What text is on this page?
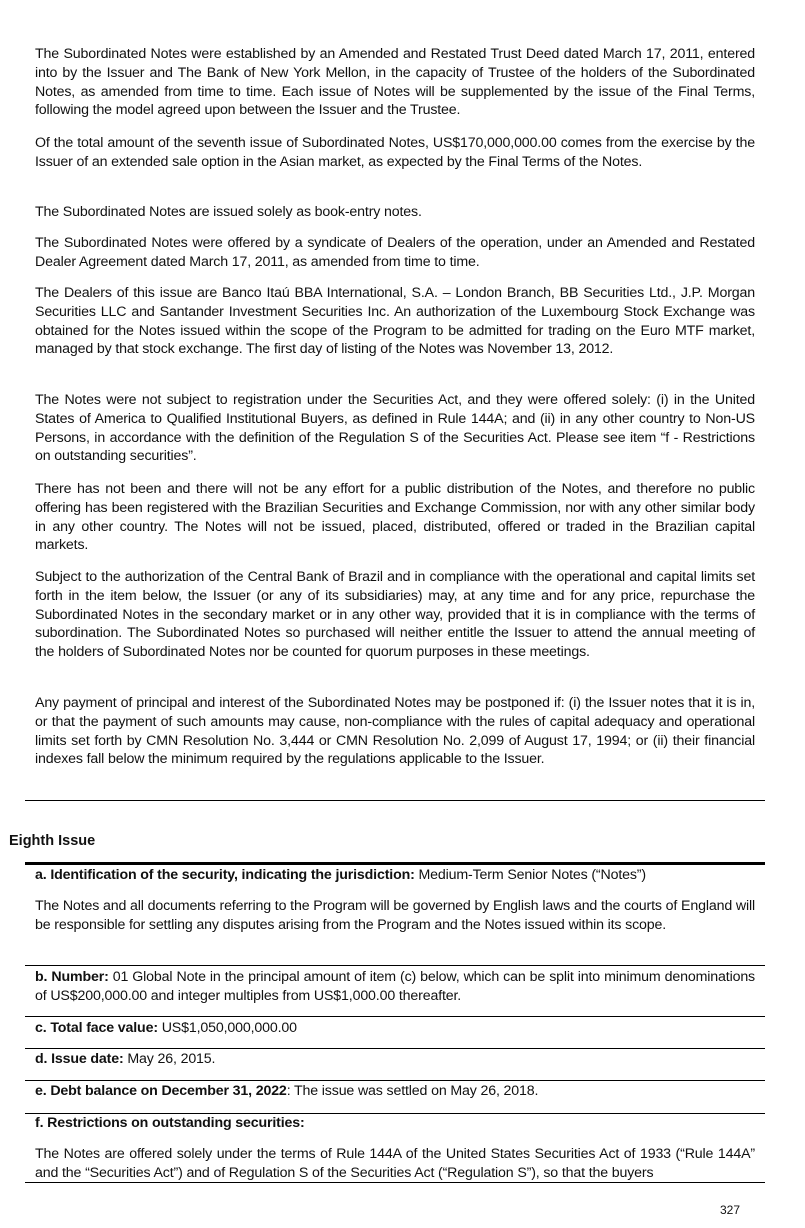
The Subordinated Notes were established by an Amended and Restated Trust Deed dated March 17, 2011, entered into by the Issuer and The Bank of New York Mellon, in the capacity of Trustee of the holders of the Subordinated Notes, as amended from time to time. Each issue of Notes will be supplemented by the issue of the Final Terms, following the model agreed upon between the Issuer and the Trustee.

Of the total amount of the seventh issue of Subordinated Notes, US$170,000,000.00 comes from the exercise by the Issuer of an extended sale option in the Asian market, as expected by the Final Terms of the Notes.

The Subordinated Notes are issued solely as book-entry notes.

The Subordinated Notes were offered by a syndicate of Dealers of the operation, under an Amended and Restated Dealer Agreement dated March 17, 2011, as amended from time to time.

The Dealers of this issue are Banco Itaú BBA International, S.A. – London Branch, BB Securities Ltd., J.P. Morgan Securities LLC and Santander Investment Securities Inc. An authorization of the Luxembourg Stock Exchange was obtained for the Notes issued within the scope of the Program to be admitted for trading on the Euro MTF market, managed by that stock exchange. The first day of listing of the Notes was November 13, 2012.

The Notes were not subject to registration under the Securities Act, and they were offered solely: (i) in the United States of America to Qualified Institutional Buyers, as defined in Rule 144A; and (ii) in any other country to Non-US Persons, in accordance with the definition of the Regulation S of the Securities Act. Please see item “f - Restrictions on outstanding securities”.

There has not been and there will not be any effort for a public distribution of the Notes, and therefore no public offering has been registered with the Brazilian Securities and Exchange Commission, nor with any other similar body in any other country. The Notes will not be issued, placed, distributed, offered or traded in the Brazilian capital markets.

Subject to the authorization of the Central Bank of Brazil and in compliance with the operational and capital limits set forth in the item below, the Issuer (or any of its subsidiaries) may, at any time and for any price, repurchase the Subordinated Notes in the secondary market or in any other way, provided that it is in compliance with the terms of subordination. The Subordinated Notes so purchased will neither entitle the Issuer to attend the annual meeting of the holders of Subordinated Notes nor be counted for quorum purposes in these meetings.

Any payment of principal and interest of the Subordinated Notes may be postponed if: (i) the Issuer notes that it is in, or that the payment of such amounts may cause, non-compliance with the rules of capital adequacy and operational limits set forth by CMN Resolution No. 3,444 or CMN Resolution No. 2,099 of August 17, 1994; or (ii) their financial indexes fall below the minimum required by the regulations applicable to the Issuer.

Eighth Issue

a. Identification of the security, indicating the jurisdiction: Medium-Term Senior Notes (“Notes”)

The Notes and all documents referring to the Program will be governed by English laws and the courts of England will be responsible for settling any disputes arising from the Program and the Notes issued within its scope.

b. Number: 01 Global Note in the principal amount of item (c) below, which can be split into minimum denominations of US$200,000.00 and integer multiples from US$1,000.00 thereafter.

c. Total face value: US$1,050,000,000.00

d. Issue date: May 26, 2015.

e. Debt balance on December 31, 2022: The issue was settled on May 26, 2018.

f. Restrictions on outstanding securities:

The Notes are offered solely under the terms of Rule 144A of the United States Securities Act of 1933 (“Rule 144A” and the “Securities Act”) and of Regulation S of the Securities Act (“Regulation S”), so that the buyers

327
